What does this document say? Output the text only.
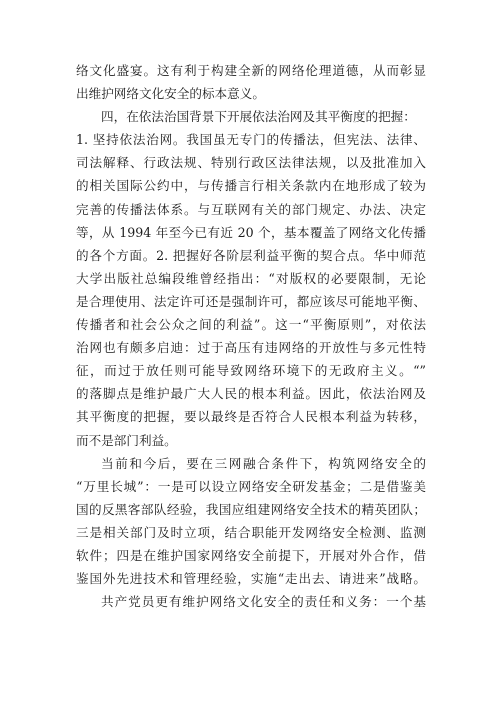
络文化盛宴。这有利于构建全新的网络伦理道德，从而彰显
出维护网络文化安全的标本意义。
四，在依法治国背景下开展依法治网及其平衡度的把握：
1. 坚持依法治网。我国虽无专门的传播法，但宪法、法律、
司法解释、行政法规、特别行政区法律法规，以及批准加入
的相关国际公约中，与传播言行相关条款内在地形成了较为
完善的传播法体系。与互联网有关的部门规定、办法、决定
等，从 1994 年至今已有近 20 个，基本覆盖了网络文化传播
的各个方面。2. 把握好各阶层利益平衡的契合点。华中师范
大学出版社总编段维曾经指出：“对版权的必要限制，无论
是合理使用、法定许可还是强制许可，都应该尽可能地平衡、
传播者和社会公众之间的利益”。这一“平衡原则”，对依法
治网也有颇多启迪：过于高压有违网络的开放性与多元性特
征，而过于放任则可能导致网络环境下的无政府主义。“”
的落脚点是维护最广大人民的根本利益。因此，依法治网及
其平衡度的把握，要以最终是否符合人民根本利益为转移，
而不是部门利益。
当前和今后，要在三网融合条件下，构筑网络安全的
“万里长城”：一是可以设立网络安全研发基金；二是借鉴美
国的反黑客部队经验，我国应组建网络安全技术的精英团队；
三是相关部门及时立项，结合职能开发网络安全检测、监测
软件；四是在维护国家网络安全前提下，开展对外合作，借
鉴国外先进技术和管理经验，实施“走出去、请进来”战略。
共产党员更有维护网络文化安全的责任和义务：一个基
